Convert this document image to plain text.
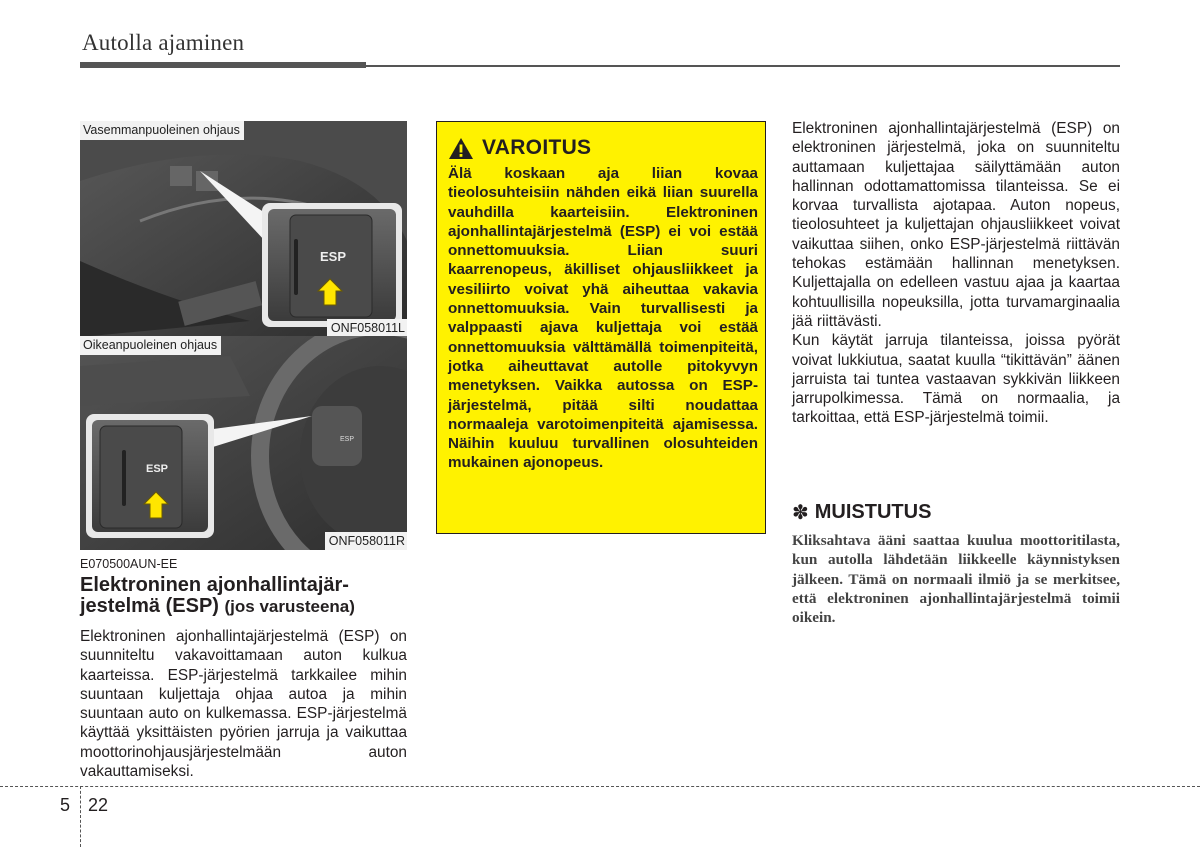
Autolla ajaminen
ESP
Vasemmanpuoleinen ohjaus
ONF058011L
ESP
ESP
Oikeanpuoleinen ohjaus
ONF058011R
E070500AUN-EE
Elektroninen ajonhallintajär-
jestelmä (ESP) (jos varusteena)
Elektroninen ajonhallintajärjestelmä (ESP) on suunniteltu vakavoittamaan auton kulkua kaarteissa. ESP-järjestelmä tarkkailee mihin suuntaan kuljettaja ohjaa autoa ja mihin suuntaan auto on kulkemassa. ESP-järjestelmä käyttää yksittäisten pyörien jarruja ja vaikuttaa moottorinohjausjärjestelmään auton vakauttamiseksi.
VAROITUS
Älä koskaan aja liian kovaa tieolosuhteisiin nähden eikä liian suurella vauhdilla kaarteisiin. Elektroninen ajonhallintajärjestelmä (ESP) ei voi estää onnettomuuksia. Liian suuri kaarrenopeus, äkilliset ohjausliikkeet ja vesiliirto voivat yhä aiheuttaa vakavia onnettomuuksia. Vain turvallisesti ja valppaasti ajava kuljettaja voi estää onnettomuuksia välttämällä toimenpiteitä, jotka aiheuttavat autolle pitokyvyn menetyksen. Vaikka autossa on ESP-järjestelmä, pitää silti noudattaa normaaleja varotoimenpiteitä ajamisessa. Näihin kuuluu turvallinen olosuhteiden mukainen ajonopeus.

Elektroninen ajonhallintajärjestelmä (ESP) on elektroninen järjestelmä, joka on suunniteltu auttamaan kuljettajaa säilyttämään auton hallinnan odottamattomissa tilanteissa. Se ei korvaa turvallista ajotapaa. Auton nopeus, tieolosuhteet ja kuljettajan ohjausliikkeet voivat vaikuttaa siihen, onko ESP-järjestelmä riittävän tehokas estämään hallinnan menetyksen. Kuljettajalla on edelleen vastuu ajaa ja kaartaa kohtuullisilla nopeuksilla, jotta turvamarginaalia jää riittävästi.

Kun käytät jarruja tilanteissa, joissa pyörät voivat lukkiutua, saatat kuulla “tikittävän” äänen jarruista tai tuntea vastaavan sykkivän liikkeen jarrupolkimessa. Tämä on normaalia, ja tarkoittaa, että ESP-järjestelmä toimii.

✽ MUISTUTUS
Kliksahtava ääni saattaa kuulua moottoritilasta, kun autolla lähdetään liikkeelle käynnistyksen jälkeen. Tämä on normaali ilmiö ja se merkitsee, että elektroninen ajonhallintajärjestelmä toimii oikein.
5 22
